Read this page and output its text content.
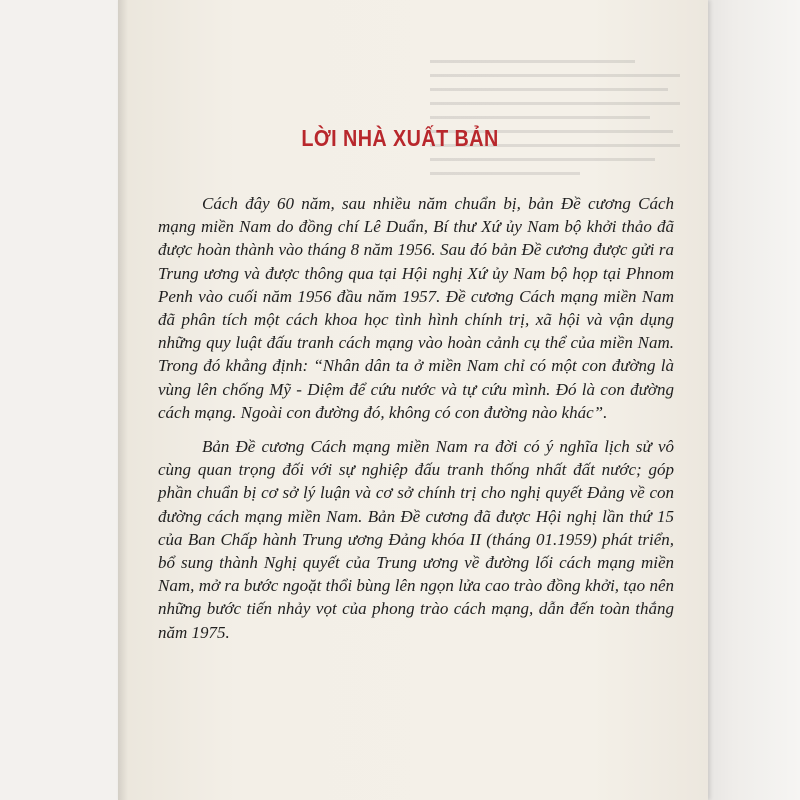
LỜI NHÀ XUẤT BẢN

Cách đây 60 năm, sau nhiều năm chuẩn bị, bản Đề cương Cách mạng miền Nam do đồng chí Lê Duẩn, Bí thư Xứ ủy Nam bộ khởi thảo đã được hoàn thành vào tháng 8 năm 1956. Sau đó bản Đề cương được gửi ra Trung ương và được thông qua tại Hội nghị Xứ ủy Nam bộ họp tại Phnom Penh vào cuối năm 1956 đầu năm 1957. Đề cương Cách mạng miền Nam đã phân tích một cách khoa học tình hình chính trị, xã hội và vận dụng những quy luật đấu tranh cách mạng vào hoàn cảnh cụ thể của miền Nam. Trong đó khẳng định: “Nhân dân ta ở miền Nam chỉ có một con đường là vùng lên chống Mỹ - Diệm để cứu nước và tự cứu mình. Đó là con đường cách mạng. Ngoài con đường đó, không có con đường nào khác”.

Bản Đề cương Cách mạng miền Nam ra đời có ý nghĩa lịch sử vô cùng quan trọng đối với sự nghiệp đấu tranh thống nhất đất nước; góp phần chuẩn bị cơ sở lý luận và cơ sở chính trị cho nghị quyết Đảng về con đường cách mạng miền Nam. Bản Đề cương đã được Hội nghị lần thứ 15 của Ban Chấp hành Trung ương Đảng khóa II (tháng 01.1959) phát triển, bổ sung thành Nghị quyết của Trung ương về đường lối cách mạng miền Nam, mở ra bước ngoặt thổi bùng lên ngọn lửa cao trào đồng khởi, tạo nên những bước tiến nhảy vọt của phong trào cách mạng, dẫn đến toàn thắng năm 1975.
